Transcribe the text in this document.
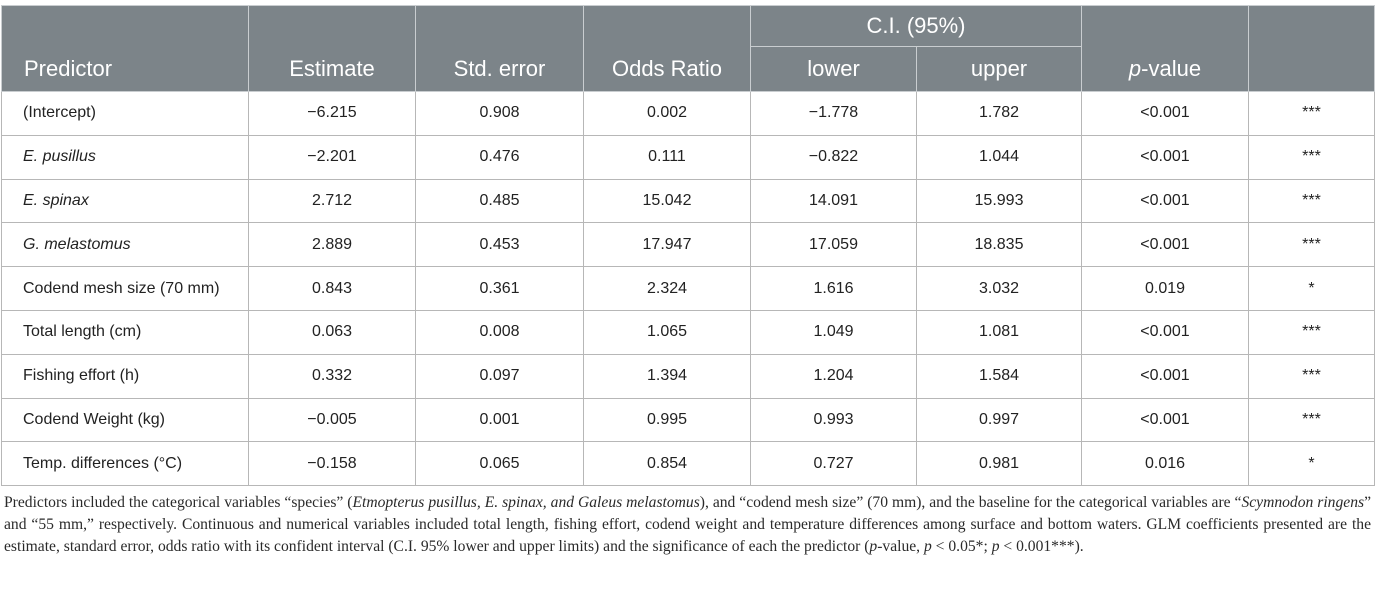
Predictor	Estimate	Std. error	Odds Ratio	C.I. (95%)		p-value	
				lower	upper		
(Intercept)	−6.215	0.908	0.002	−1.778	1.782	<0.001	***
E. pusillus	−2.201	0.476	0.111	−0.822	1.044	<0.001	***
E. spinax	2.712	0.485	15.042	14.091	15.993	<0.001	***
G. melastomus	2.889	0.453	17.947	17.059	18.835	<0.001	***
Codend mesh size (70 mm)	0.843	0.361	2.324	1.616	3.032	0.019	*
Total length (cm)	0.063	0.008	1.065	1.049	1.081	<0.001	***
Fishing effort (h)	0.332	0.097	1.394	1.204	1.584	<0.001	***
Codend Weight (kg)	−0.005	0.001	0.995	0.993	0.997	<0.001	***
Temp. differences (°C)	−0.158	0.065	0.854	0.727	0.981	0.016	*

Predictors included the categorical variables “species” (Etmopterus pusillus, E. spinax, and Galeus melastomus), and “codend mesh size” (70 mm), and the baseline for the categorical variables are “Scymnodon ringens” and “55 mm,” respectively. Continuous and numerical variables included total length, fishing effort, codend weight and temperature differences among surface and bottom waters. GLM coefficients presented are the estimate, standard error, odds ratio with its confident interval (C.I. 95% lower and upper limits) and the significance of each the predictor (p-value, p < 0.05*; p < 0.001***).
